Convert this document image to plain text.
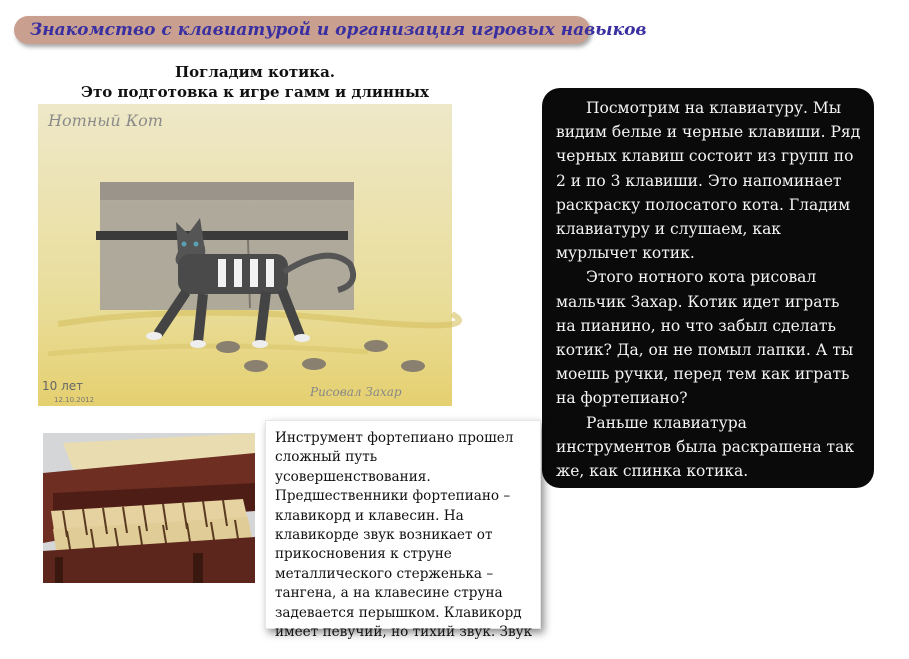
Знакомство с клавиатурой и организация игровых навыков
Погладим котика.
Это подготовка к игре гамм и длинных
Нотный Кот
10 лет
12.10.2012
Рисовал Захар

Посмотрим на клавиатуру. Мы видим белые и черные клавиши. Ряд черных клавиш состоит из групп по 2 и по 3 клавиши. Это напоминает раскраску полосатого кота. Гладим клавиатуру и слушаем, как мурлычет котик.

Этого нотного кота рисовал мальчик Захар. Котик идет играть на пианино, но что забыл сделать котик? Да, он не помыл лапки. А ты моешь ручки, перед тем как играть на фортепиано?

Раньше клавиатура инструментов была раскрашена так же, как спинка котика.

Инструмент фортепиано прошел сложный путь усовершенствования. Предшественники фортепиано – клавикорд и клавесин. На клавикорде звук возникает от прикосновения к струне металлического стерженька – тангена, а на клавесине струна задевается перышком. Клавикорд имеет певучий, но тихий звук. Звук
